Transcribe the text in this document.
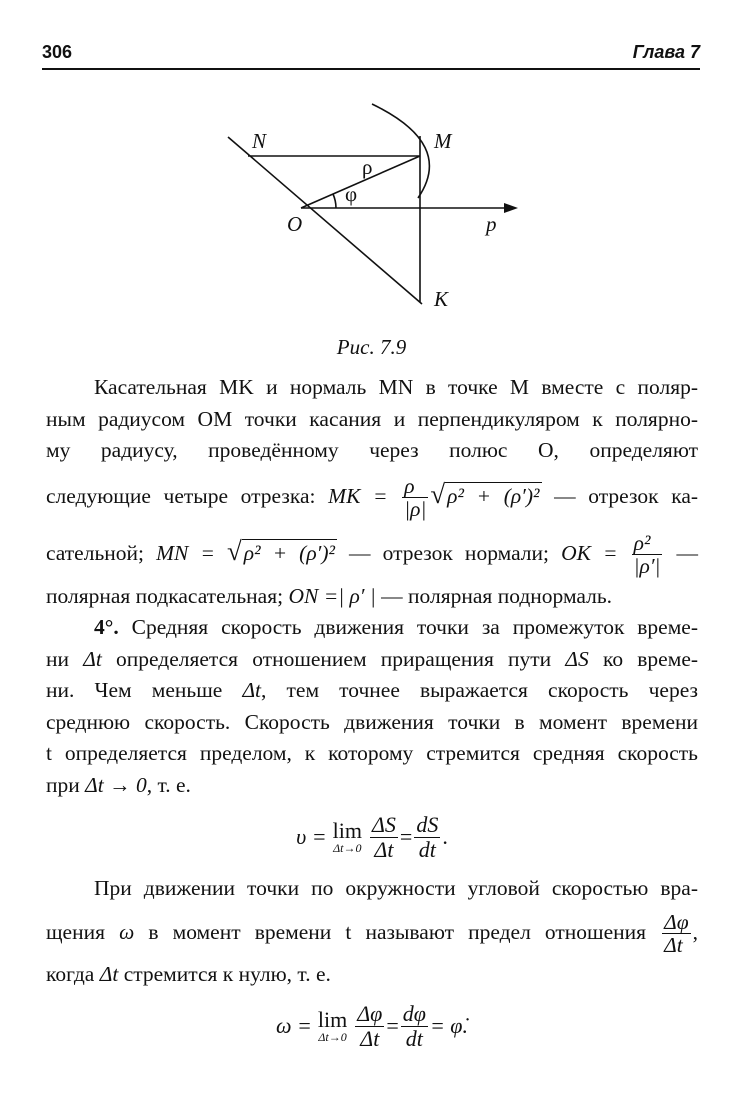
306	Глава 7
N	M
O	p
K
ρ
φ
Рис. 7.9

Касательная MK и нормаль MN в точке M вместе с поляр-

ным радиусом OM точки касания и перпендикуляром к полярно-

му радиусу, проведённому через полюс O, определяют

следующие четыре отрезка: MK = $\frac{\rho}{|\rho|} √\rho^2 + (\rho')^2$ — отрезок ка-

сательной; MN = √ρ² + (ρ′)² — отрезок нормали; OK = $\frac{\text{ρ²}}{|\rho'|}$ —

полярная подкасательная; ON =| ρ′ | — полярная поднормаль.

4°. Средняя скорость движения точки за промежуток време-

ни Δt определяется отношением приращения пути ΔS ко време-

ни. Чем меньше Δt, тем точнее выражается скорость через

среднюю скорость. Скорость движения точки в момент времени

t определяется пределом, к которому стремится средняя скорость

при Δt → 0, т. е.

υ = lim
$\Delta t\to 0 \frac{\Delta S}{\Delta t} = \frac{dS}{dt}$ .

При движении точки по окружности угловой скоростью вра-

щения ω в момент времени t называют предел отношения $\frac{\Delta\varphi}{\Delta t}$ ,

когда Δt стремится к нулю, т. е.

ω = lim
$\Delta t\to 0 \frac{\Delta\varphi}{\Delta t} = \frac{d\varphi}{dt}$ = φ̇.
